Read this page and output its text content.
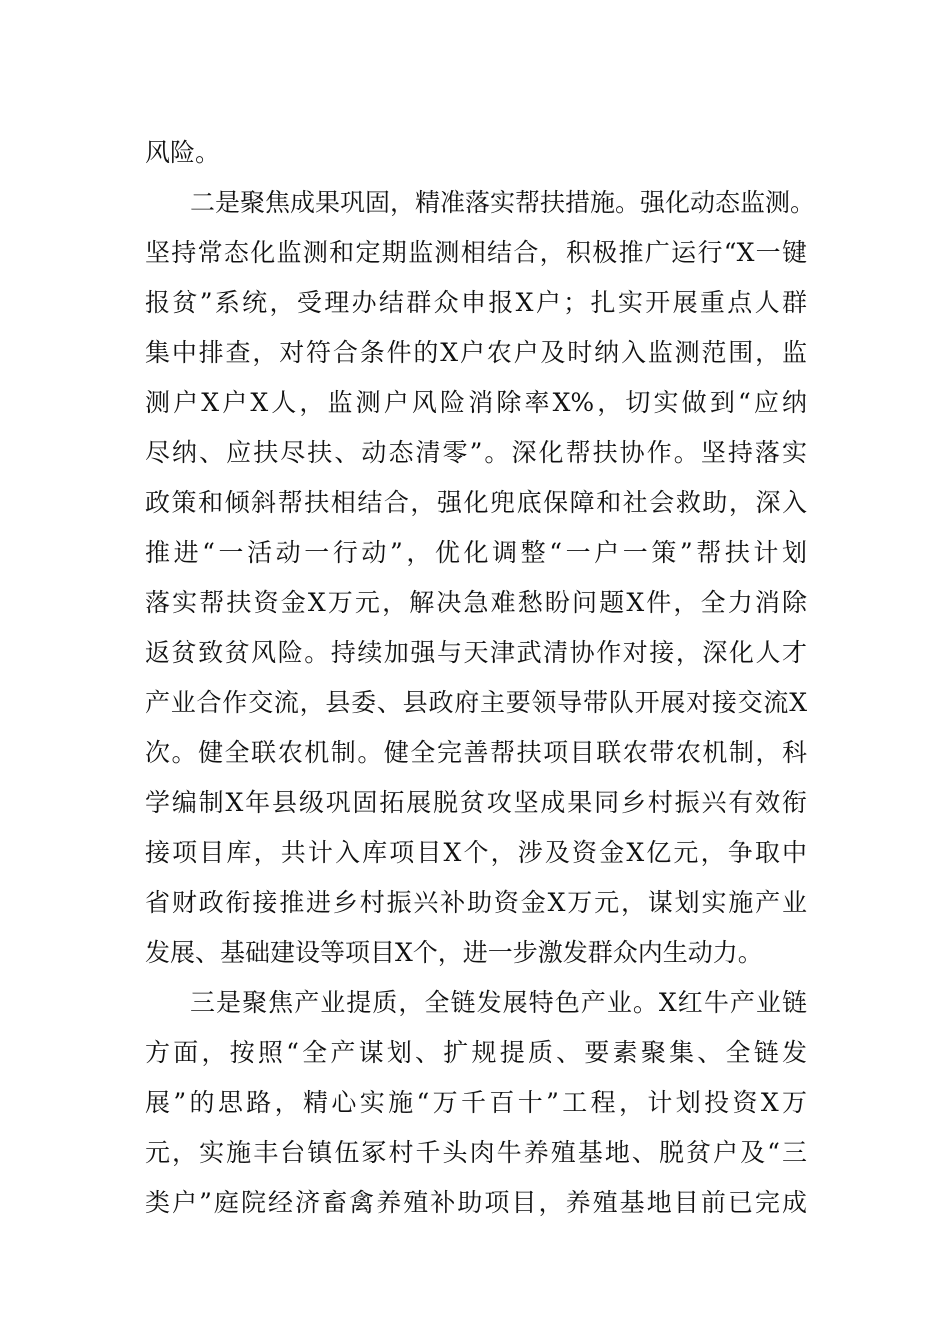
风险。
二是聚焦成果巩固，精准落实帮扶措施。强化动态监测。
坚持常态化监测和定期监测相结合，积极推广运行“X一键
报贫”系统，受理办结群众申报X户；扎实开展重点人群
集中排查，对符合条件的X户农户及时纳入监测范围，监
测户X户X人，监测户风险消除率X%，切实做到“应纳
尽纳、应扶尽扶、动态清零”。深化帮扶协作。坚持落实
政策和倾斜帮扶相结合，强化兜底保障和社会救助，深入
推进“一活动一行动”，优化调整“一户一策”帮扶计划
落实帮扶资金X万元，解决急难愁盼问题X件，全力消除
返贫致贫风险。持续加强与天津武清协作对接，深化人才
产业合作交流，县委、县政府主要领导带队开展对接交流X
次。健全联农机制。健全完善帮扶项目联农带农机制，科
学编制X年县级巩固拓展脱贫攻坚成果同乡村振兴有效衔
接项目库，共计入库项目X个，涉及资金X亿元，争取中
省财政衔接推进乡村振兴补助资金X万元，谋划实施产业
发展、基础建设等项目X个，进一步激发群众内生动力。
三是聚焦产业提质，全链发展特色产业。X红牛产业链
方面，按照“全产谋划、扩规提质、要素聚集、全链发
展”的思路，精心实施“万千百十”工程，计划投资X万
元，实施丰台镇伍冢村千头肉牛养殖基地、脱贫户及“三
类户”庭院经济畜禽养殖补助项目，养殖基地目前已完成
